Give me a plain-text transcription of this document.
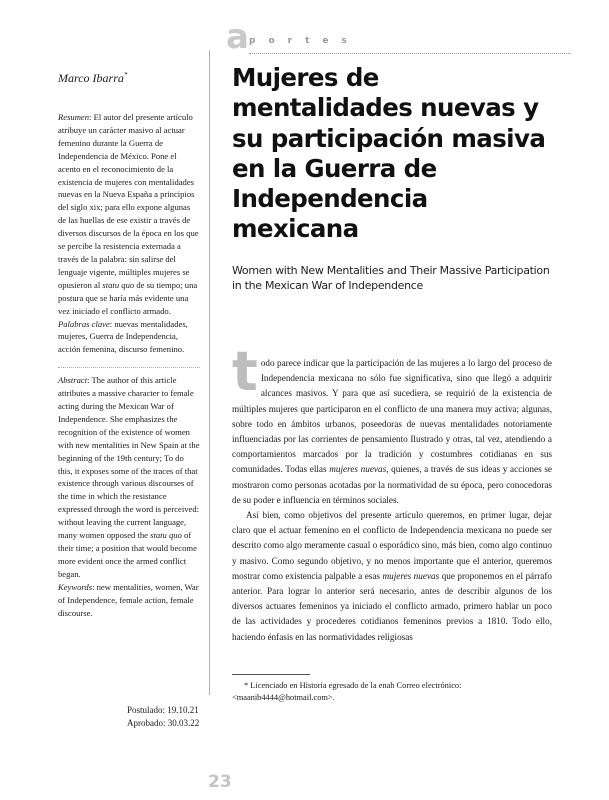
a portes

Marco Ibarra*

Resumen: El autor del presente artículo atribuye un carácter masivo al actuar femenino durante la Guerra de Independencia de México. Pone el acento en el reconocimiento de la existencia de mujeres con mentalidades nuevas en la Nueva España a principios del siglo xix; para ello expone algunas de las huellas de ese existir a través de diversos discursos de la época en los que se percibe la resistencia externada a través de la palabra: sin salirse del lenguaje vigente, múltiples mujeres se opusieron al statu quo de su tiempo; una postura que se haría más evidente una vez iniciado el conflicto armado.

Palabras clave: nuevas mentalidades, mujeres, Guerra de Independencia, acción femenina, discurso femenino.

Abstract: The author of this article attributes a massive character to female acting during the Mexican War of Independence. She emphasizes the recognition of the existence of women with new mentalities in New Spain at the beginning of the 19th century; To do this, it exposes some of the traces of that existence through various discourses of the time in which the resistance expressed through the word is perceived: without leaving the current language, many women opposed the statu quo of their time; a position that would become more evident once the armed conflict began.

Keywords: new mentalities, women, War of Independence, female action, female discourse.

Postulado: 19.10.21
Aprobado: 30.03.22
Mujeres de mentalidades nuevas y su participación masiva en la Guerra de Independencia mexicana

Women with New Mentalities and Their Massive Participation in the Mexican War of Independence

todo parece indicar que la participación de las mujeres a lo largo del proceso de Independencia mexicana no sólo fue significativa, sino que llegó a adquirir alcances masivos. Y para que así sucediera, se requirió de la existencia de múltiples mujeres que participaron en el conflicto de una manera muy activa; algunas, sobre todo en ámbitos urbanos, poseedoras de nuevas mentalidades notoriamente influenciadas por las corrientes de pensamiento Ilustrado y otras, tal vez, atendiendo a comportamientos marcados por la tradición y costumbres cotidianas en sus comunidades. Todas ellas mujeres nuevas, quienes, a través de sus ideas y acciones se mostraron como personas acotadas por la normatividad de su época, pero conocedoras de su poder e influencia en términos sociales.

Así bien, como objetivos del presente artículo queremos, en primer lugar, dejar claro que el actuar femenino en el conflicto de Independencia mexicana no puede ser descrito como algo meramente casual o esporádico sino, más bien, como algo continuo y masivo. Como segundo objetivo, y no menos importante que el anterior, queremos mostrar como existencia palpable a esas mujeres nuevas que proponemos en el párrafo anterior. Para lograr lo anterior será necesario, antes de describir algunos de los diversos actuares femeninos ya iniciado el conflicto armado, primero hablar un poco de las actividades y procederes cotidianos femeninos previos a 1810. Todo ello, haciendo énfasis en las normatividades religiosas

* Licenciado en Historia egresado de la enah Correo electrónico: <maanib4444@hotmail.com>.

23
